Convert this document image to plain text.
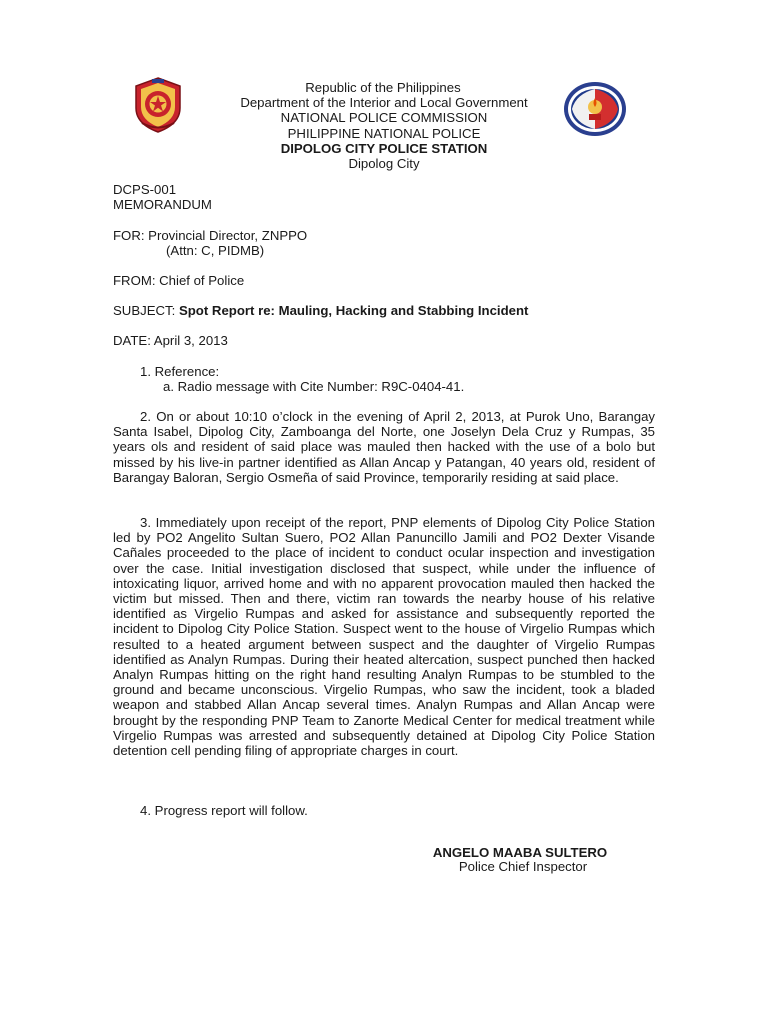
Republic of the Philippines
Department of the Interior and Local Government
NATIONAL POLICE COMMISSION
PHILIPPINE NATIONAL POLICE
DIPOLOG CITY POLICE STATION
Dipolog City
DCPS-001
MEMORANDUM
FOR: Provincial Director, ZNPPO
(Attn: C, PIDMB)
FROM: Chief of Police
SUBJECT: Spot Report re: Mauling, Hacking and Stabbing Incident
DATE: April 3, 2013
1. Reference:
a. Radio message with Cite Number: R9C-0404-41.
2. On or about 10:10 o’clock in the evening of April 2, 2013, at Purok Uno, Barangay Santa Isabel, Dipolog City, Zamboanga del Norte, one Joselyn Dela Cruz y Rumpas, 35 years ols and resident of said place was mauled then hacked with the use of a bolo but missed by his live-in partner identified as Allan Ancap y Patangan, 40 years old, resident of Barangay Baloran, Sergio Osmeña of said Province, temporarily residing at said place.
3. Immediately upon receipt of the report, PNP elements of Dipolog City Police Station led by PO2 Angelito Sultan Suero, PO2 Allan Panuncillo Jamili and PO2 Dexter Visande Cañales proceeded to the place of incident to conduct ocular inspection and investigation over the case. Initial investigation disclosed that suspect, while under the influence of intoxicating liquor, arrived home and with no apparent provocation mauled then hacked the victim but missed. Then and there, victim ran towards the nearby house of his relative identified as Virgelio Rumpas and asked for assistance and subsequently reported the incident to Dipolog City Police Station. Suspect went to the house of Virgelio Rumpas which resulted to a heated argument between suspect and the daughter of Virgelio Rumpas identified as Analyn Rumpas. During their heated altercation, suspect punched then hacked Analyn Rumpas hitting on the right hand resulting Analyn Rumpas to be stumbled to the ground and became unconscious. Virgelio Rumpas, who saw the incident, took a bladed weapon and stabbed Allan Ancap several times. Analyn Rumpas and Allan Ancap were brought by the responding PNP Team to Zanorte Medical Center for medical treatment while Virgelio Rumpas was arrested and subsequently detained at Dipolog City Police Station detention cell pending filing of appropriate charges in court.
4. Progress report will follow.
ANGELO MAABA SULTERO
Police Chief Inspector
